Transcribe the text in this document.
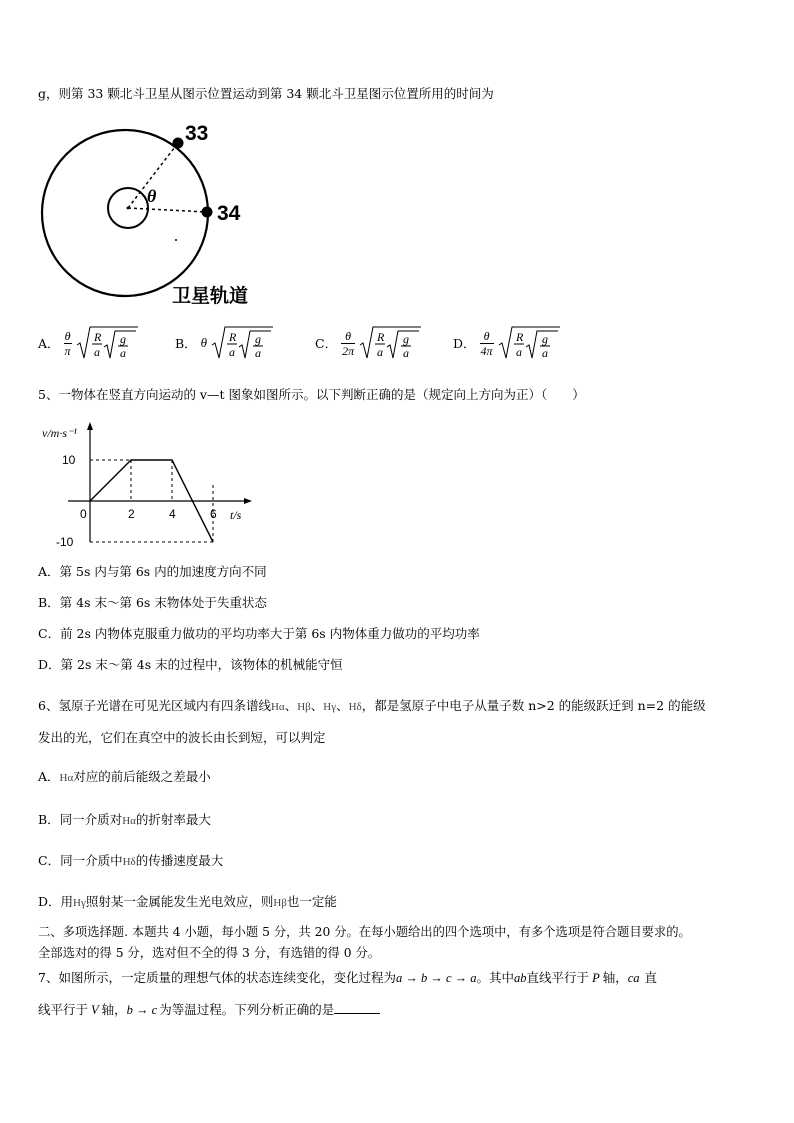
g，则第 33 颗北斗卫星从图示位置运动到第 34 颗北斗卫星图示位置所用的时间为
33
34
θ
卫星轨道
A． $\frac{\theta}{\pi}$
R
a
g
a
B． θ R
a
g
a
C． $\frac{\theta}{2\pi}$
R
a
g
a
D． $\frac{\theta}{4\pi}$
R
a
g
a
5、一物体在竖直方向运动的 v—t 图象如图所示。以下判断正确的是（规定向上方向为正）（　　）
v/m·s⁻¹
t/s
10
-10
0	2	4	6
A．第 5s 内与第 6s 内的加速度方向不同
B．第 4s 末～第 6s 末物体处于失重状态
C．前 2s 内物体克服重力做功的平均功率大于第 6s 内物体重力做功的平均功率
D．第 2s 末～第 4s 末的过程中，该物体的机械能守恒
6、氢原子光谱在可见光区域内有四条谱线Hα、Hβ、Hγ、Hδ，都是氢原子中电子从量子数 n>2 的能级跃迁到 n=2 的能级
发出的光，它们在真空中的波长由长到短，可以判定
A．Hα对应的前后能级之差最小
B．同一介质对Hα的折射率最大
C．同一介质中Hδ的传播速度最大
D．用Hγ照射某一金属能发生光电效应，则Hβ也一定能
二、多项选择题. 本题共 4 小题，每小题 5 分，共 20 分。在每小题给出的四个选项中，有多个选项是符合题目要求的。
全部选对的得 5 分，选对但不全的得 3 分，有选错的得 0 分。
7、如图所示，一定质量的理想气体的状态连续变化，变化过程为a → b → c → a。其中ab直线平行于 P 轴，ca 直
线平行于 V 轴，b → c 为等温过程。下列分析正确的是
